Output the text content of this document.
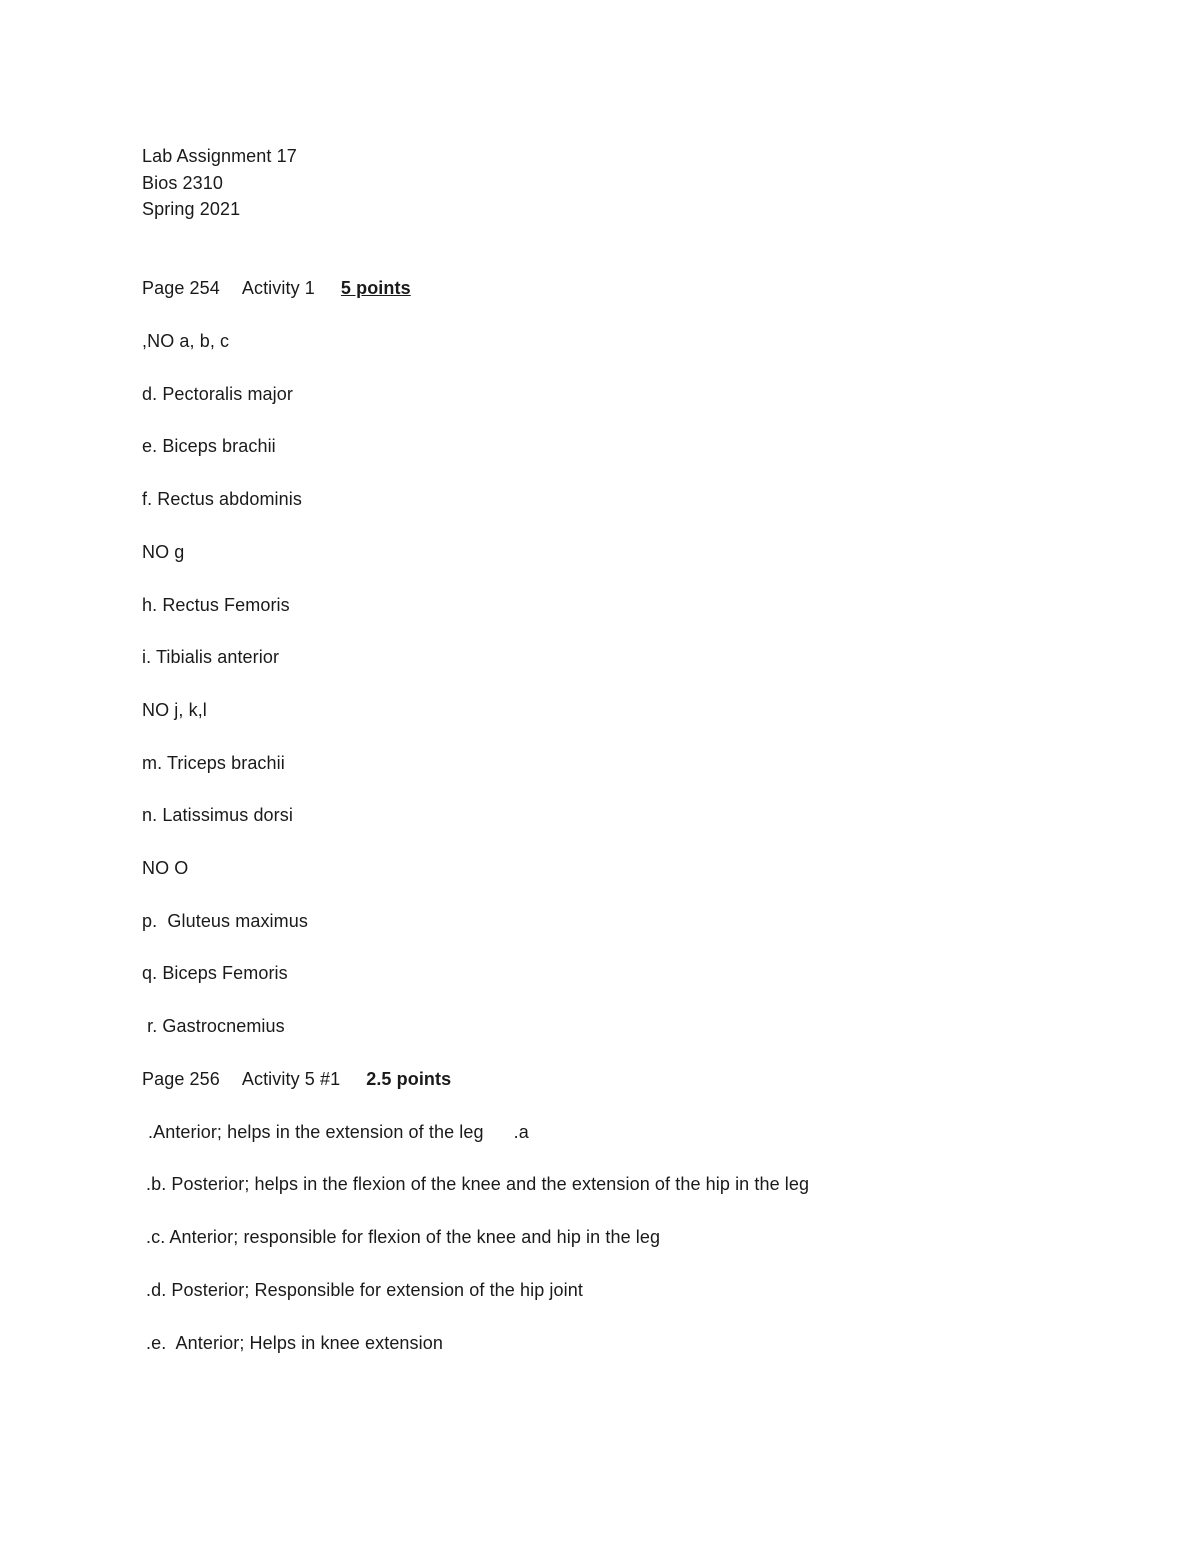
Lab Assignment 17
Bios 2310
Spring 2021
Page 254 Activity 1 5 points
,NO a, b, c
d. Pectoralis major
e. Biceps brachii
f. Rectus abdominis
NO g
h. Rectus Femoris
i. Tibialis anterior
NO j, k,l
m. Triceps brachii
n. Latissimus dorsi
NO O
p.  Gluteus maximus
q. Biceps Femoris
r. Gastrocnemius
Page 256 Activity 5 #1 2.5 points
.Anterior; helps in the extension of the leg .a
.b. Posterior; helps in the flexion of the knee and the extension of the hip in the leg
.c. Anterior; responsible for flexion of the knee and hip in the leg
.d. Posterior; Responsible for extension of the hip joint
.e.  Anterior; Helps in knee extension
